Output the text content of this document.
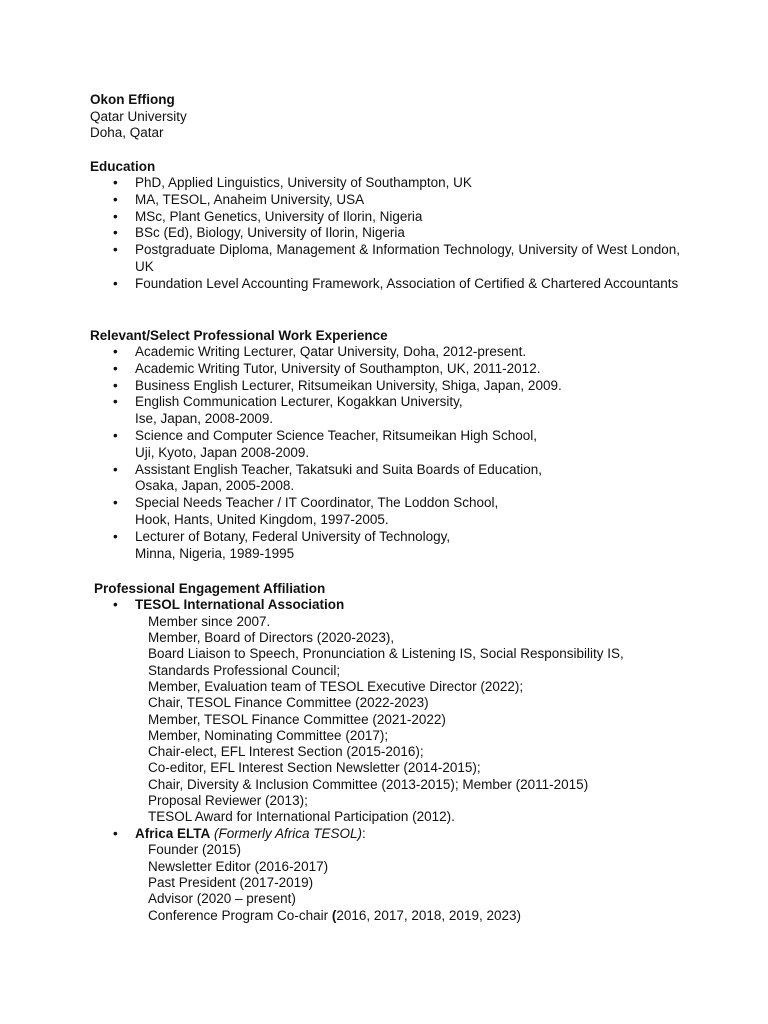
Okon Effiong
Qatar University
Doha, Qatar
Education
• PhD, Applied Linguistics, University of Southampton, UK
• MA, TESOL, Anaheim University, USA
• MSc, Plant Genetics, University of Ilorin, Nigeria
• BSc (Ed), Biology, University of Ilorin, Nigeria
• Postgraduate Diploma, Management & Information Technology, University of West London, UK
• Foundation Level Accounting Framework, Association of Certified & Chartered Accountants
Relevant/Select Professional Work Experience
• Academic Writing Lecturer, Qatar University, Doha, 2012-present.
• Academic Writing Tutor, University of Southampton, UK, 2011-2012.
• Business English Lecturer, Ritsumeikan University, Shiga, Japan, 2009.
• English Communication Lecturer, Kogakkan University,
Ise, Japan, 2008-2009.
• Science and Computer Science Teacher, Ritsumeikan High School,
Uji, Kyoto, Japan 2008-2009.
• Assistant English Teacher, Takatsuki and Suita Boards of Education,
Osaka, Japan, 2005-2008.
• Special Needs Teacher / IT Coordinator, The Loddon School,
Hook, Hants, United Kingdom, 1997-2005.
• Lecturer of Botany, Federal University of Technology,
Minna, Nigeria, 1989-1995
Professional Engagement Affiliation
• TESOL International Association
Member since 2007.
Member, Board of Directors (2020-2023),
Board Liaison to Speech, Pronunciation & Listening IS, Social Responsibility IS,
Standards Professional Council;
Member, Evaluation team of TESOL Executive Director (2022);
Chair, TESOL Finance Committee (2022-2023)
Member, TESOL Finance Committee (2021-2022)
Member, Nominating Committee (2017);
Chair-elect, EFL Interest Section (2015-2016);
Co-editor, EFL Interest Section Newsletter (2014-2015);
Chair, Diversity & Inclusion Committee (2013-2015); Member (2011-2015)
Proposal Reviewer (2013);
TESOL Award for International Participation (2012).
• Africa ELTA (Formerly Africa TESOL):
Founder (2015)
Newsletter Editor (2016-2017)
Past President (2017-2019)
Advisor (2020 – present)
Conference Program Co-chair (2016, 2017, 2018, 2019, 2023)
